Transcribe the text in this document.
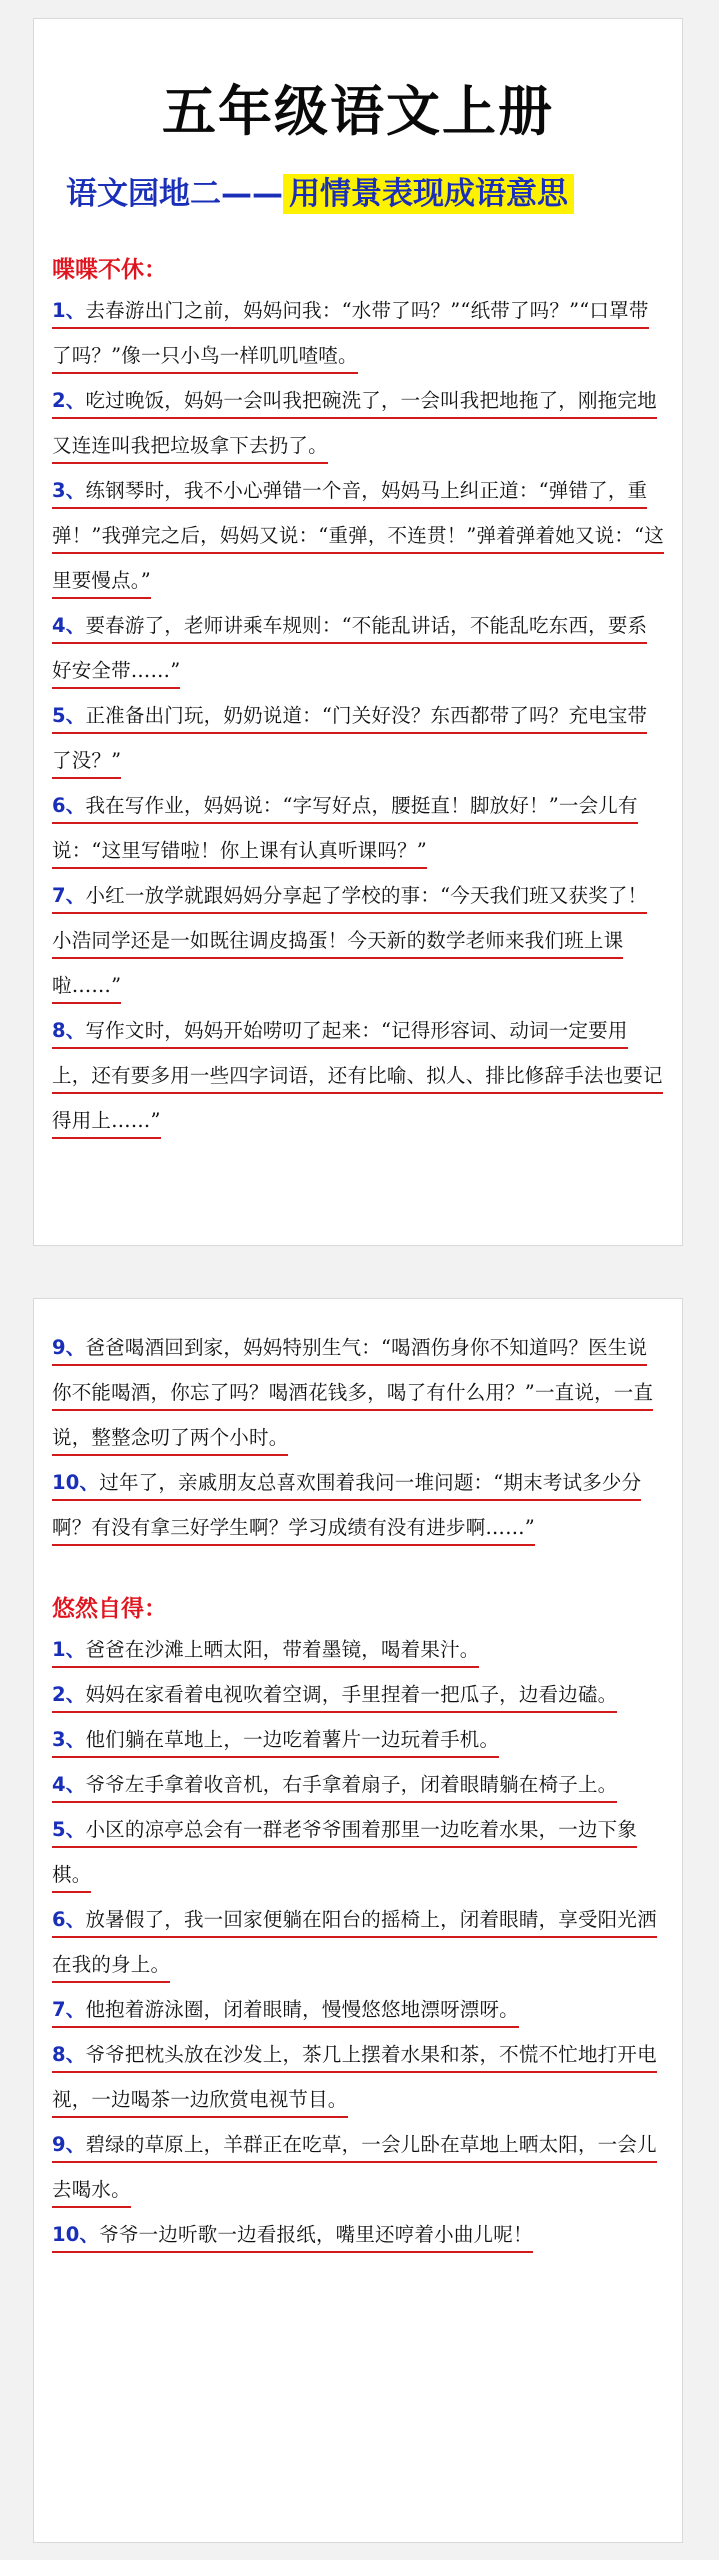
五年级语文上册
语文园地二—— 用情景表现成语意思
喋喋不休：
1、去春游出门之前，妈妈问我：“水带了吗？”“纸带了吗？”“口罩带了吗？”像一只小鸟一样叽叽喳喳。
2、吃过晚饭，妈妈一会叫我把碗洗了，一会叫我把地拖了，刚拖完地又连连叫我把垃圾拿下去扔了。
3、练钢琴时，我不小心弹错一个音，妈妈马上纠正道：“弹错了，重弹！”我弹完之后，妈妈又说：“重弹，不连贯！”弹着弹着她又说：“这里要慢点。”
4、要春游了，老师讲乘车规则：“不能乱讲话，不能乱吃东西，要系好安全带……”
5、正准备出门玩，奶奶说道：“门关好没？东西都带了吗？充电宝带了没？”
6、我在写作业，妈妈说：“字写好点，腰挺直！脚放好！”一会儿有说：“这里写错啦！你上课有认真听课吗？”
7、小红一放学就跟妈妈分享起了学校的事：“今天我们班又获奖了！小浩同学还是一如既往调皮捣蛋！今天新的数学老师来我们班上课啦……”
8、写作文时，妈妈开始唠叨了起来：“记得形容词、动词一定要用上，还有要多用一些四字词语，还有比喻、拟人、排比修辞手法也要记得用上……”
9、爸爸喝酒回到家，妈妈特别生气：“喝酒伤身你不知道吗？医生说你不能喝酒，你忘了吗？喝酒花钱多，喝了有什么用？”一直说，一直说，整整念叨了两个小时。
10、过年了，亲戚朋友总喜欢围着我问一堆问题：“期末考试多少分啊？有没有拿三好学生啊？学习成绩有没有进步啊……”
悠然自得：
1、爸爸在沙滩上晒太阳，带着墨镜，喝着果汁。
2、妈妈在家看着电视吹着空调，手里捏着一把瓜子，边看边磕。
3、他们躺在草地上，一边吃着薯片一边玩着手机。
4、爷爷左手拿着收音机，右手拿着扇子，闭着眼睛躺在椅子上。
5、小区的凉亭总会有一群老爷爷围着那里一边吃着水果，一边下象棋。
6、放暑假了，我一回家便躺在阳台的摇椅上，闭着眼睛，享受阳光洒在我的身上。
7、他抱着游泳圈，闭着眼睛，慢慢悠悠地漂呀漂呀。
8、爷爷把枕头放在沙发上，茶几上摆着水果和茶，不慌不忙地打开电视，一边喝茶一边欣赏电视节目。
9、碧绿的草原上，羊群正在吃草，一会儿卧在草地上晒太阳，一会儿去喝水。
10、爷爷一边听歌一边看报纸，嘴里还哼着小曲儿呢！
